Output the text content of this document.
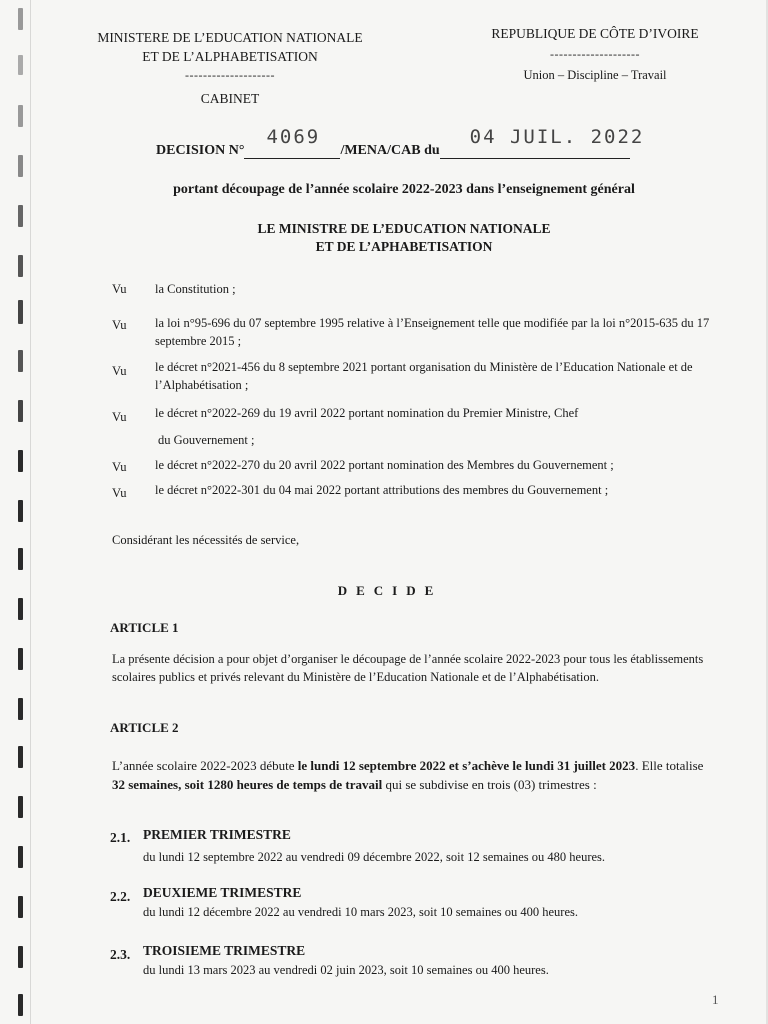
MINISTERE DE L’EDUCATION NATIONALE
ET DE L’ALPHABETISATION
--------------------
CABINET
REPUBLIQUE DE CÔTE D’IVOIRE
--------------------
Union – Discipline – Travail
DECISION N°
4069
/MENA/CAB du
04 JUIL. 2022
portant découpage de l’année scolaire 2022-2023 dans l’enseignement général
LE MINISTRE DE L’EDUCATION NATIONALE
ET DE L’APHABETISATION
Vu la Constitution ;
Vu la loi n°95-696 du 07 septembre 1995 relative à l’Enseignement telle que modifiée par la loi n°2015-635 du 17 septembre 2015 ;
Vu le décret n°2021-456 du 8 septembre 2021 portant organisation du Ministère de l’Education Nationale et de l’Alphabétisation ;
Vu le décret n°2022-269 du 19 avril 2022 portant nomination du Premier Ministre, Chef
du Gouvernement ;
Vu le décret n°2022-270 du 20 avril 2022 portant nomination des Membres du Gouvernement ;
Vu le décret n°2022-301 du 04 mai 2022 portant attributions des membres du Gouvernement ;
Considérant les nécessités de service,
DECIDE
ARTICLE 1
La présente décision a pour objet d’organiser le découpage de l’année scolaire 2022-2023 pour tous les établissements scolaires publics et privés relevant du Ministère de l’Education Nationale et de l’Alphabétisation.
ARTICLE 2
L’année scolaire 2022-2023 débute le lundi 12 septembre 2022 et s’achève le lundi 31 juillet 2023. Elle totalise 32 semaines, soit 1280 heures de temps de travail qui se subdivise en trois (03) trimestres :
2.1. PREMIER TRIMESTRE
du lundi 12 septembre 2022 au vendredi 09 décembre 2022, soit 12 semaines ou 480 heures.
2.2. DEUXIEME TRIMESTRE
du lundi 12 décembre 2022 au vendredi 10 mars 2023, soit 10 semaines ou 400 heures.
2.3. TROISIEME TRIMESTRE
du lundi 13 mars 2023 au vendredi 02 juin 2023, soit 10 semaines ou 400 heures.
1
